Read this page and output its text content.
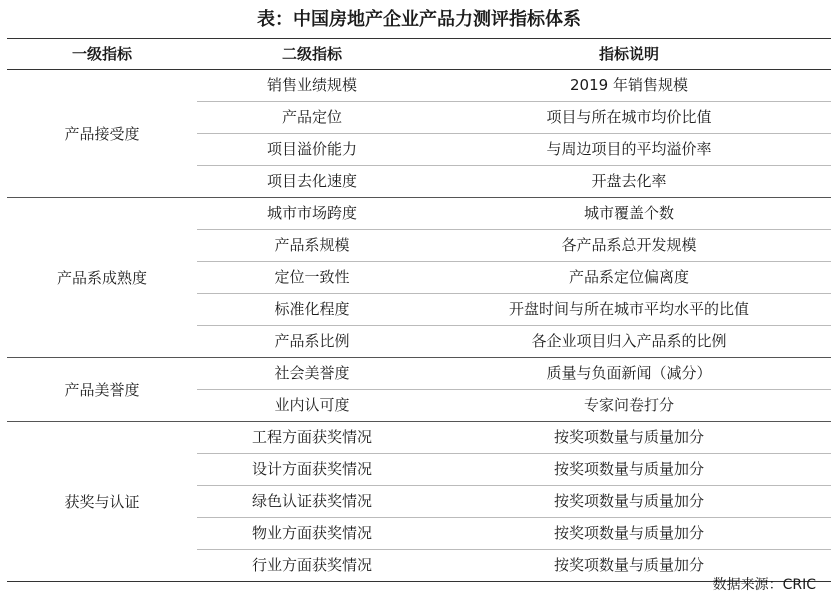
表：中国房地产企业产品力测评指标体系
一级指标	二级指标	指标说明
产品接受度
销售业绩规模	2019 年销售规模
产品定位	项目与所在城市均价比值
项目溢价能力	与周边项目的平均溢价率
项目去化速度	开盘去化率
产品系成熟度
城市市场跨度	城市覆盖个数
产品系规模	各产品系总开发规模
定位一致性	产品系定位偏离度
标准化程度	开盘时间与所在城市平均水平的比值
产品系比例	各企业项目归入产品系的比例
产品美誉度
社会美誉度	质量与负面新闻（减分）
业内认可度	专家问卷打分
获奖与认证
工程方面获奖情况	按奖项数量与质量加分
设计方面获奖情况	按奖项数量与质量加分
绿色认证获奖情况	按奖项数量与质量加分
物业方面获奖情况	按奖项数量与质量加分
行业方面获奖情况	按奖项数量与质量加分
数据来源：CRIC
